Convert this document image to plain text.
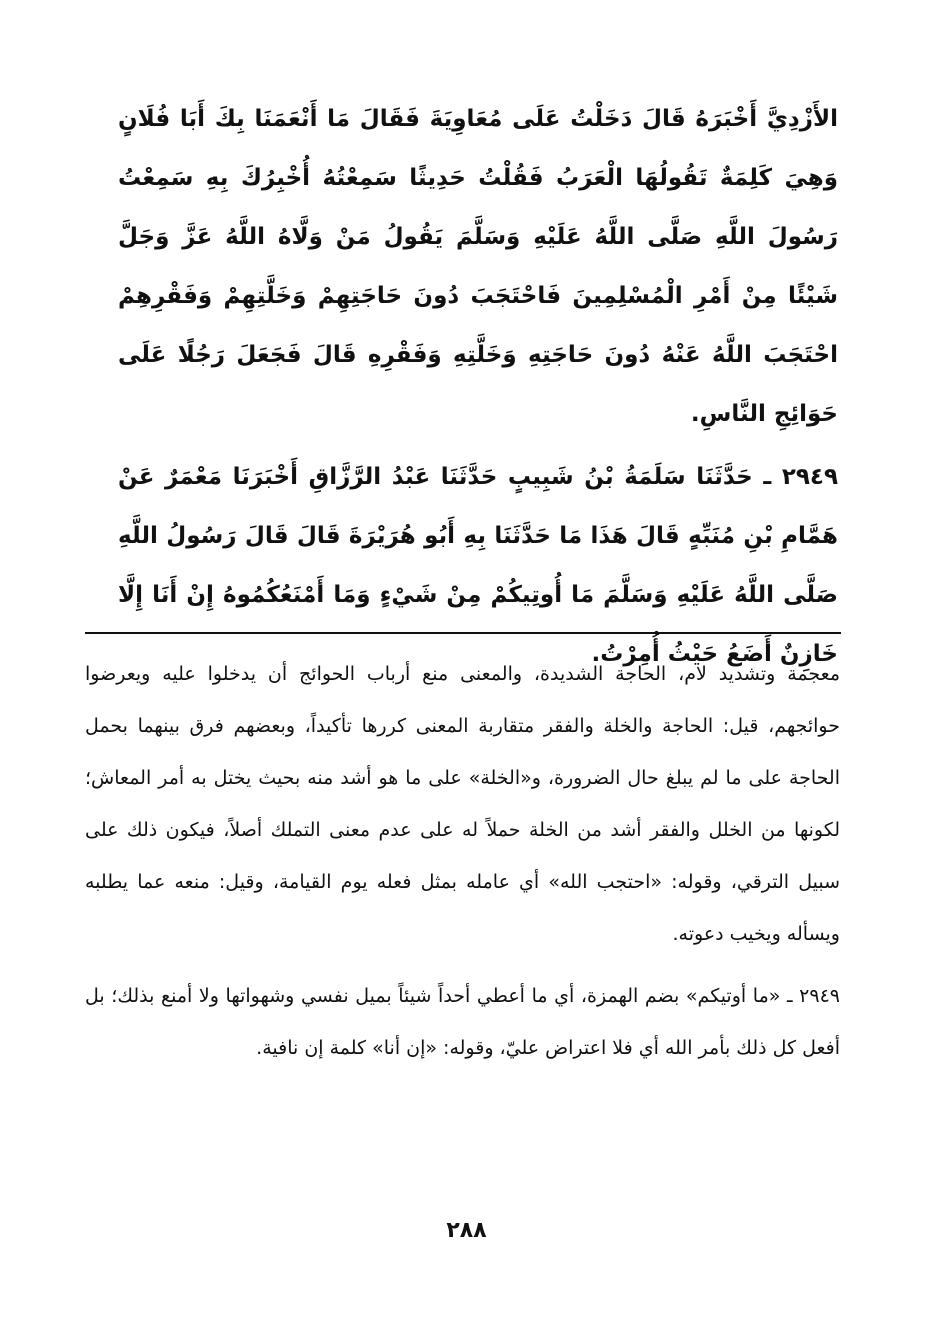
الأَزْدِيَّ أَخْبَرَهُ قَالَ دَخَلْتُ عَلَى مُعَاوِيَةَ فَقَالَ مَا أَنْعَمَنَا بِكَ أَبَا فُلَانٍ وَهِيَ كَلِمَةٌ تَقُولُهَا الْعَرَبُ فَقُلْتُ حَدِيثًا سَمِعْتُهُ أُخْبِرُكَ بِهِ سَمِعْتُ رَسُولَ اللَّهِ صَلَّى اللَّهُ عَلَيْهِ وَسَلَّمَ يَقُولُ مَنْ وَلَّاهُ اللَّهُ عَزَّ وَجَلَّ شَيْئًا مِنْ أَمْرِ الْمُسْلِمِينَ فَاحْتَجَبَ دُونَ حَاجَتِهِمْ وَخَلَّتِهِمْ وَفَقْرِهِمْ احْتَجَبَ اللَّهُ عَنْهُ دُونَ حَاجَتِهِ وَخَلَّتِهِ وَفَقْرِهِ قَالَ فَجَعَلَ رَجُلًا عَلَى حَوَائِجِ النَّاسِ.

٢٩٤٩ ـ حَدَّثَنَا سَلَمَةُ بْنُ شَبِيبٍ حَدَّثَنَا عَبْدُ الرَّزَّاقِ أَخْبَرَنَا مَعْمَرٌ عَنْ هَمَّامِ بْنِ مُنَبِّهٍ قَالَ هَذَا مَا حَدَّثَنَا بِهِ أَبُو هُرَيْرَةَ قَالَ قَالَ رَسُولُ اللَّهِ صَلَّى اللَّهُ عَلَيْهِ وَسَلَّمَ مَا أُوتِيكُمْ مِنْ شَيْءٍ وَمَا أَمْنَعُكُمُوهُ إِنْ أَنَا إِلَّا خَازِنٌ أَضَعُ حَيْثُ أُمِرْتُ.

معجمة وتشديد لام، الحاجة الشديدة، والمعنى منع أرباب الحوائج أن يدخلوا عليه ويعرضوا حوائجهم، قيل: الحاجة والخلة والفقر متقاربة المعنى كررها تأكيداً، وبعضهم فرق بينهما بحمل الحاجة على ما لم يبلغ حال الضرورة، و«الخلة» على ما هو أشد منه بحيث يختل به أمر المعاش؛ لكونها من الخلل والفقر أشد من الخلة حملاً له على عدم معنى التملك أصلاً، فيكون ذلك على سبيل الترقي، وقوله: «احتجب الله» أي عامله بمثل فعله يوم القيامة، وقيل: منعه عما يطلبه ويسأله ويخيب دعوته.

٢٩٤٩ ـ «ما أوتيكم» بضم الهمزة، أي ما أعطي أحداً شيئاً بميل نفسي وشهواتها ولا أمنع بذلك؛ بل أفعل كل ذلك بأمر الله أي فلا اعتراض عليّ، وقوله: «إن أنا» كلمة إن نافية.

٢٨٨
